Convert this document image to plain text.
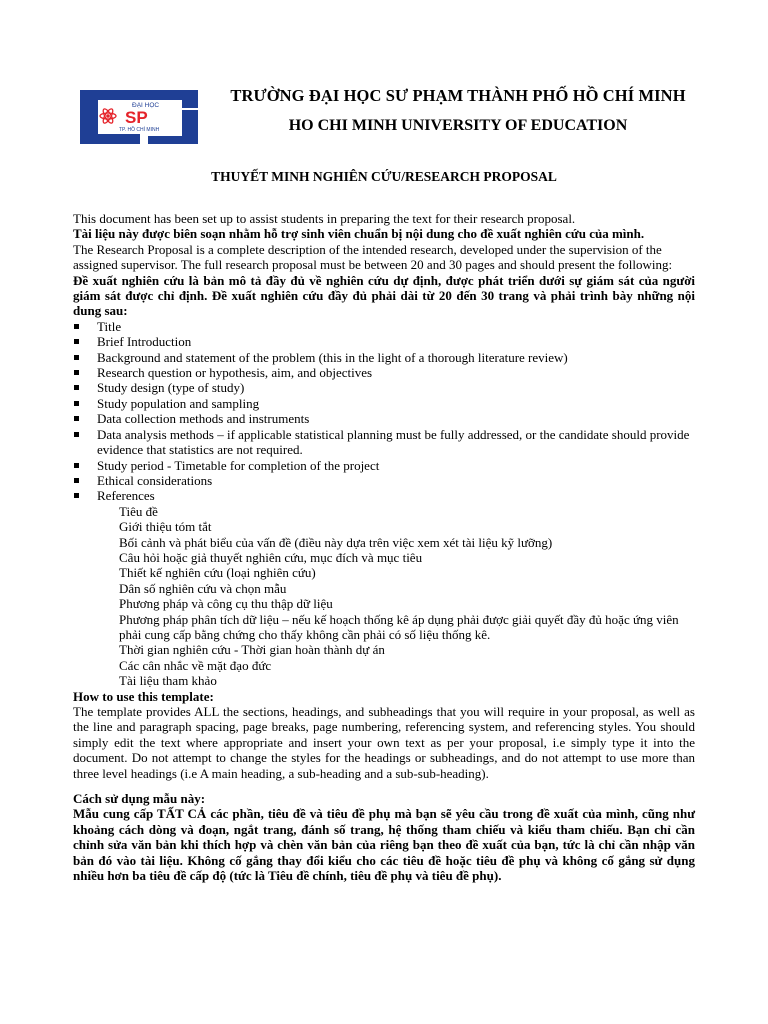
ĐẠI HỌC
SP
TP. HỒ CHÍ MINH
TRƯỜNG ĐẠI HỌC SƯ PHẠM THÀNH PHỐ HỒ CHÍ MINH
HO CHI MINH UNIVERSITY OF EDUCATION
THUYẾT MINH NGHIÊN CỨU/RESEARCH PROPOSAL

This document has been set up to assist students in preparing the text for their research proposal.

Tài liệu này được biên soạn nhằm hỗ trợ sinh viên chuẩn bị nội dung cho đề xuất nghiên cứu của mình.

The Research Proposal is a complete description of the intended research, developed under the supervision of the assigned supervisor. The full research proposal must be between 20 and 30 pages and should present the following:

Đề xuất nghiên cứu là bản mô tả đầy đủ về nghiên cứu dự định, được phát triển dưới sự giám sát của người giám sát được chỉ định. Đề xuất nghiên cứu đầy đủ phải dài từ 20 đến 30 trang và phải trình bày những nội dung sau:

Title
Brief Introduction
Background and statement of the problem (this in the light of a thorough literature review)
Research question or hypothesis, aim, and objectives
Study design (type of study)
Study population and sampling
Data collection methods and instruments
Data analysis methods – if applicable statistical planning must be fully addressed, or the candidate should provide evidence that statistics are not required.
Study period - Timetable for completion of the project
Ethical considerations
References
Tiêu đề
Giới thiệu tóm tắt
Bối cảnh và phát biểu của vấn đề (điều này dựa trên việc xem xét tài liệu kỹ lưỡng)
Câu hỏi hoặc giả thuyết nghiên cứu, mục đích và mục tiêu
Thiết kế nghiên cứu (loại nghiên cứu)
Dân số nghiên cứu và chọn mẫu
Phương pháp và công cụ thu thập dữ liệu
Phương pháp phân tích dữ liệu – nếu kế hoạch thống kê áp dụng phải được giải quyết đầy đủ hoặc ứng viên phải cung cấp bằng chứng cho thấy không cần phải có số liệu thống kê.
Thời gian nghiên cứu - Thời gian hoàn thành dự án
Các cân nhắc về mặt đạo đức
Tài liệu tham khảo

How to use this template:

The template provides ALL the sections, headings, and subheadings that you will require in your proposal, as well as the line and paragraph spacing, page breaks, page numbering, referencing system, and referencing styles. You should simply edit the text where appropriate and insert your own text as per your proposal, i.e simply type it into the document. Do not attempt to change the styles for the headings or subheadings, and do not attempt to use more than three level headings (i.e A main heading, a sub-heading and a sub-sub-heading).

Cách sử dụng mẫu này:

Mẫu cung cấp TẤT CẢ các phần, tiêu đề và tiêu đề phụ mà bạn sẽ yêu cầu trong đề xuất của mình, cũng như khoảng cách dòng và đoạn, ngắt trang, đánh số trang, hệ thống tham chiếu và kiểu tham chiếu. Bạn chỉ cần chỉnh sửa văn bản khi thích hợp và chèn văn bản của riêng bạn theo đề xuất của bạn, tức là chỉ cần nhập văn bản đó vào tài liệu. Không cố gắng thay đổi kiểu cho các tiêu đề hoặc tiêu đề phụ và không cố gắng sử dụng nhiều hơn ba tiêu đề cấp độ (tức là Tiêu đề chính, tiêu đề phụ và tiêu đề phụ).
